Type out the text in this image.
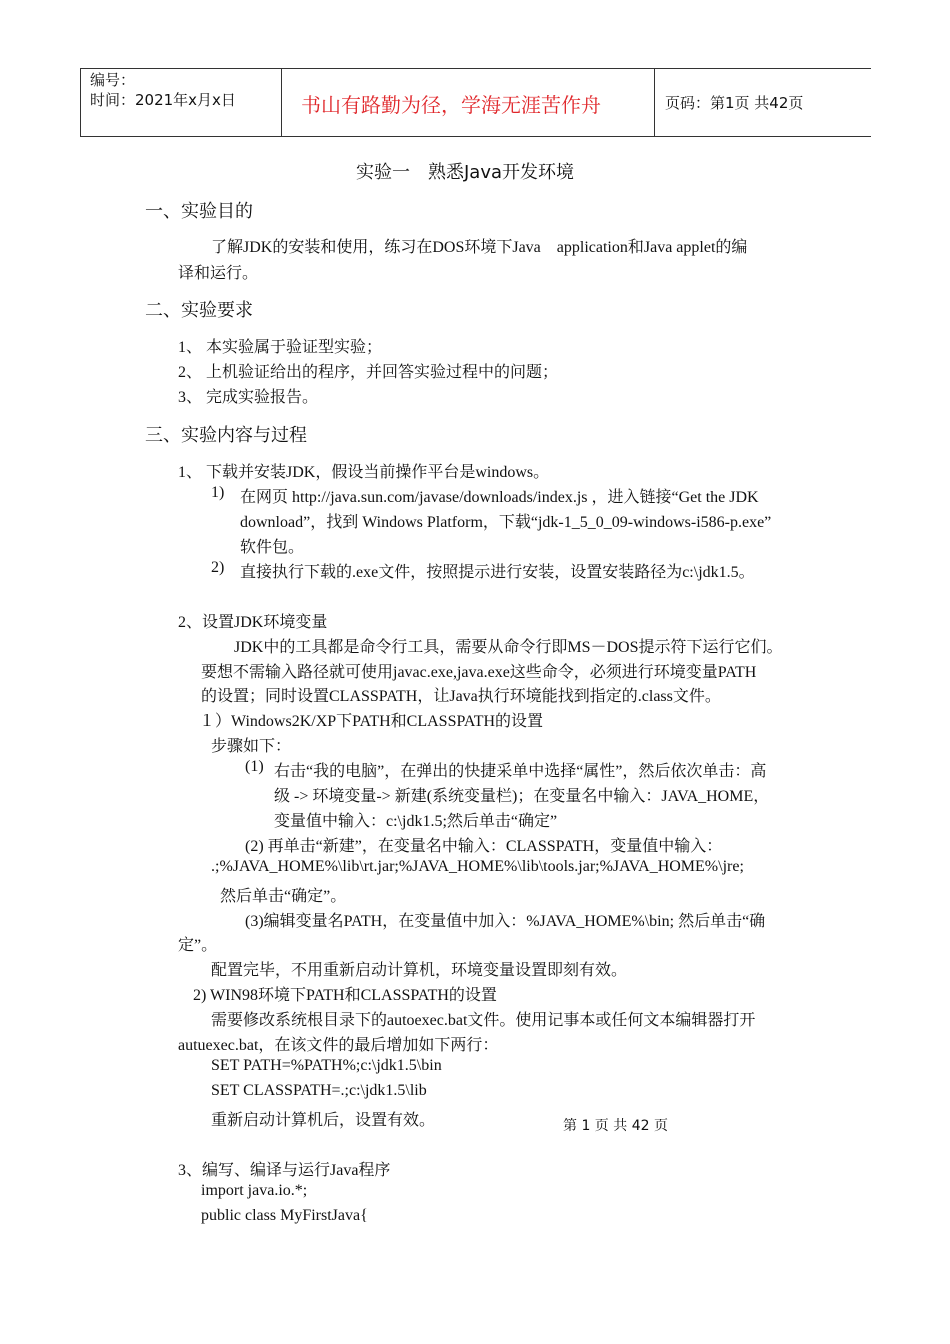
编号：
时间：2021年x月x日	书山有路勤为径，学海无涯苦作舟	页码：第1页 共42页
实验一　熟悉Java开发环境
一、实验目的
了解JDK的安装和使用，练习在DOS环境下Java　application和Java applet的编
译和运行。
二、实验要求
1、 本实验属于验证型实验；
2、 上机验证给出的程序，并回答实验过程中的问题；
3、 完成实验报告。
三、实验内容与过程
1、 下载并安装JDK，假设当前操作平台是windows。
1) 在网页 http://java.sun.com/javase/downloads/index.js ，进入链接“Get the JDK
download”，找到 Windows Platform，下载“jdk-1_5_0_09-windows-i586-p.exe”
软件包。
2) 直接执行下载的.exe文件，按照提示进行安装，设置安装路径为c:\jdk1.5。
2、设置JDK环境变量
JDK中的工具都是命令行工具，需要从命令行即MS－DOS提示符下运行它们。
要想不需输入路径就可使用javac.exe,java.exe这些命令，必须进行环境变量PATH
的设置；同时设置CLASSPATH，让Java执行环境能找到指定的.class文件。
１）Windows2K/XP下PATH和CLASSPATH的设置
步骤如下：
(1) 右击“我的电脑”，在弹出的快捷采单中选择“属性”，然后依次单击：高
级 -> 环境变量-> 新建(系统变量栏)；在变量名中输入：JAVA_HOME，
变量值中输入：c:\jdk1.5;然后单击“确定”
(2) 再单击“新建”，在变量名中输入：CLASSPATH，变量值中输入：
.;%JAVA_HOME%\lib\rt.jar;%JAVA_HOME%\lib\tools.jar;%JAVA_HOME%\jre;
然后单击“确定”。
(3)编辑变量名PATH，在变量值中加入：%JAVA_HOME%\bin; 然后单击“确
定”。
配置完毕，不用重新启动计算机，环境变量设置即刻有效。
2) WIN98环境下PATH和CLASSPATH的设置
需要修改系统根目录下的autoexec.bat文件。使用记事本或任何文本编辑器打开
autuexec.bat，在该文件的最后增加如下两行：
SET PATH=%PATH%;c:\jdk1.5\bin
SET CLASSPATH=.;c:\jdk1.5\lib
重新启动计算机后，设置有效。	第 1 页 共 42 页
3、编写、编译与运行Java程序
import java.io.*;
public class MyFirstJava{
